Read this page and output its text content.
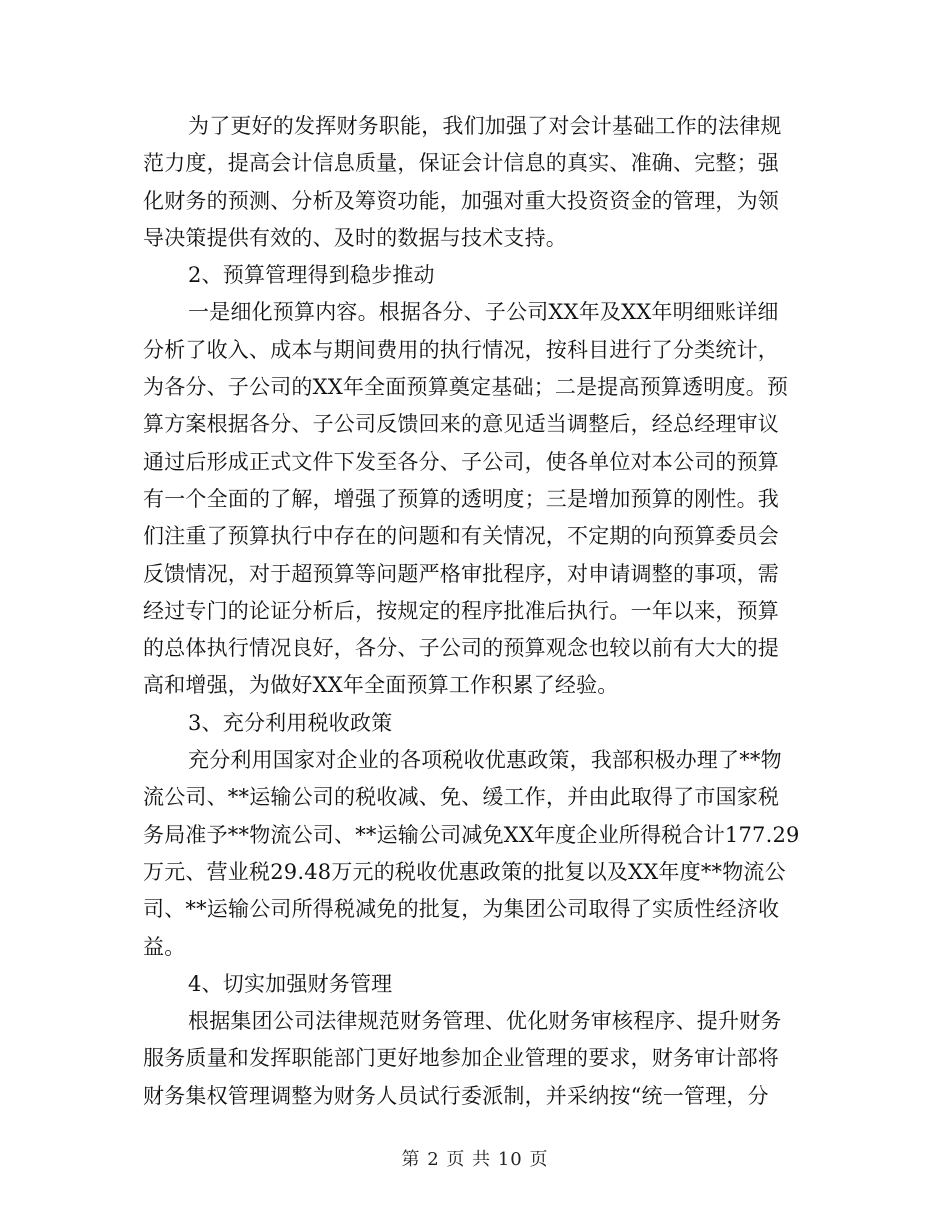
为了更好的发挥财务职能，我们加强了对会计基础工作的法律规
范力度，提高会计信息质量，保证会计信息的真实、准确、完整；强
化财务的预测、分析及筹资功能，加强对重大投资资金的管理，为领
导决策提供有效的、及时的数据与技术支持。
2、预算管理得到稳步推动
一是细化预算内容。根据各分、子公司XX年及XX年明细账详细
分析了收入、成本与期间费用的执行情况，按科目进行了分类统计，
为各分、子公司的XX年全面预算奠定基础；二是提高预算透明度。预
算方案根据各分、子公司反馈回来的意见适当调整后，经总经理审议
通过后形成正式文件下发至各分、子公司，使各单位对本公司的预算
有一个全面的了解，增强了预算的透明度；三是增加预算的刚性。我
们注重了预算执行中存在的问题和有关情况，不定期的向预算委员会
反馈情况，对于超预算等问题严格审批程序，对申请调整的事项，需
经过专门的论证分析后，按规定的程序批准后执行。一年以来，预算
的总体执行情况良好，各分、子公司的预算观念也较以前有大大的提
高和增强，为做好XX年全面预算工作积累了经验。
3、充分利用税收政策
充分利用国家对企业的各项税收优惠政策，我部积极办理了**物
流公司、**运输公司的税收减、免、缓工作，并由此取得了市国家税
务局准予**物流公司、**运输公司减免XX年度企业所得税合计177.29
万元、营业税29.48万元的税收优惠政策的批复以及XX年度**物流公
司、**运输公司所得税减免的批复，为集团公司取得了实质性经济收
益。
4、切实加强财务管理
根据集团公司法律规范财务管理、优化财务审核程序、提升财务
服务质量和发挥职能部门更好地参加企业管理的要求，财务审计部将
财务集权管理调整为财务人员试行委派制，并采纳按“统一管理，分
第 2 页 共 10 页
